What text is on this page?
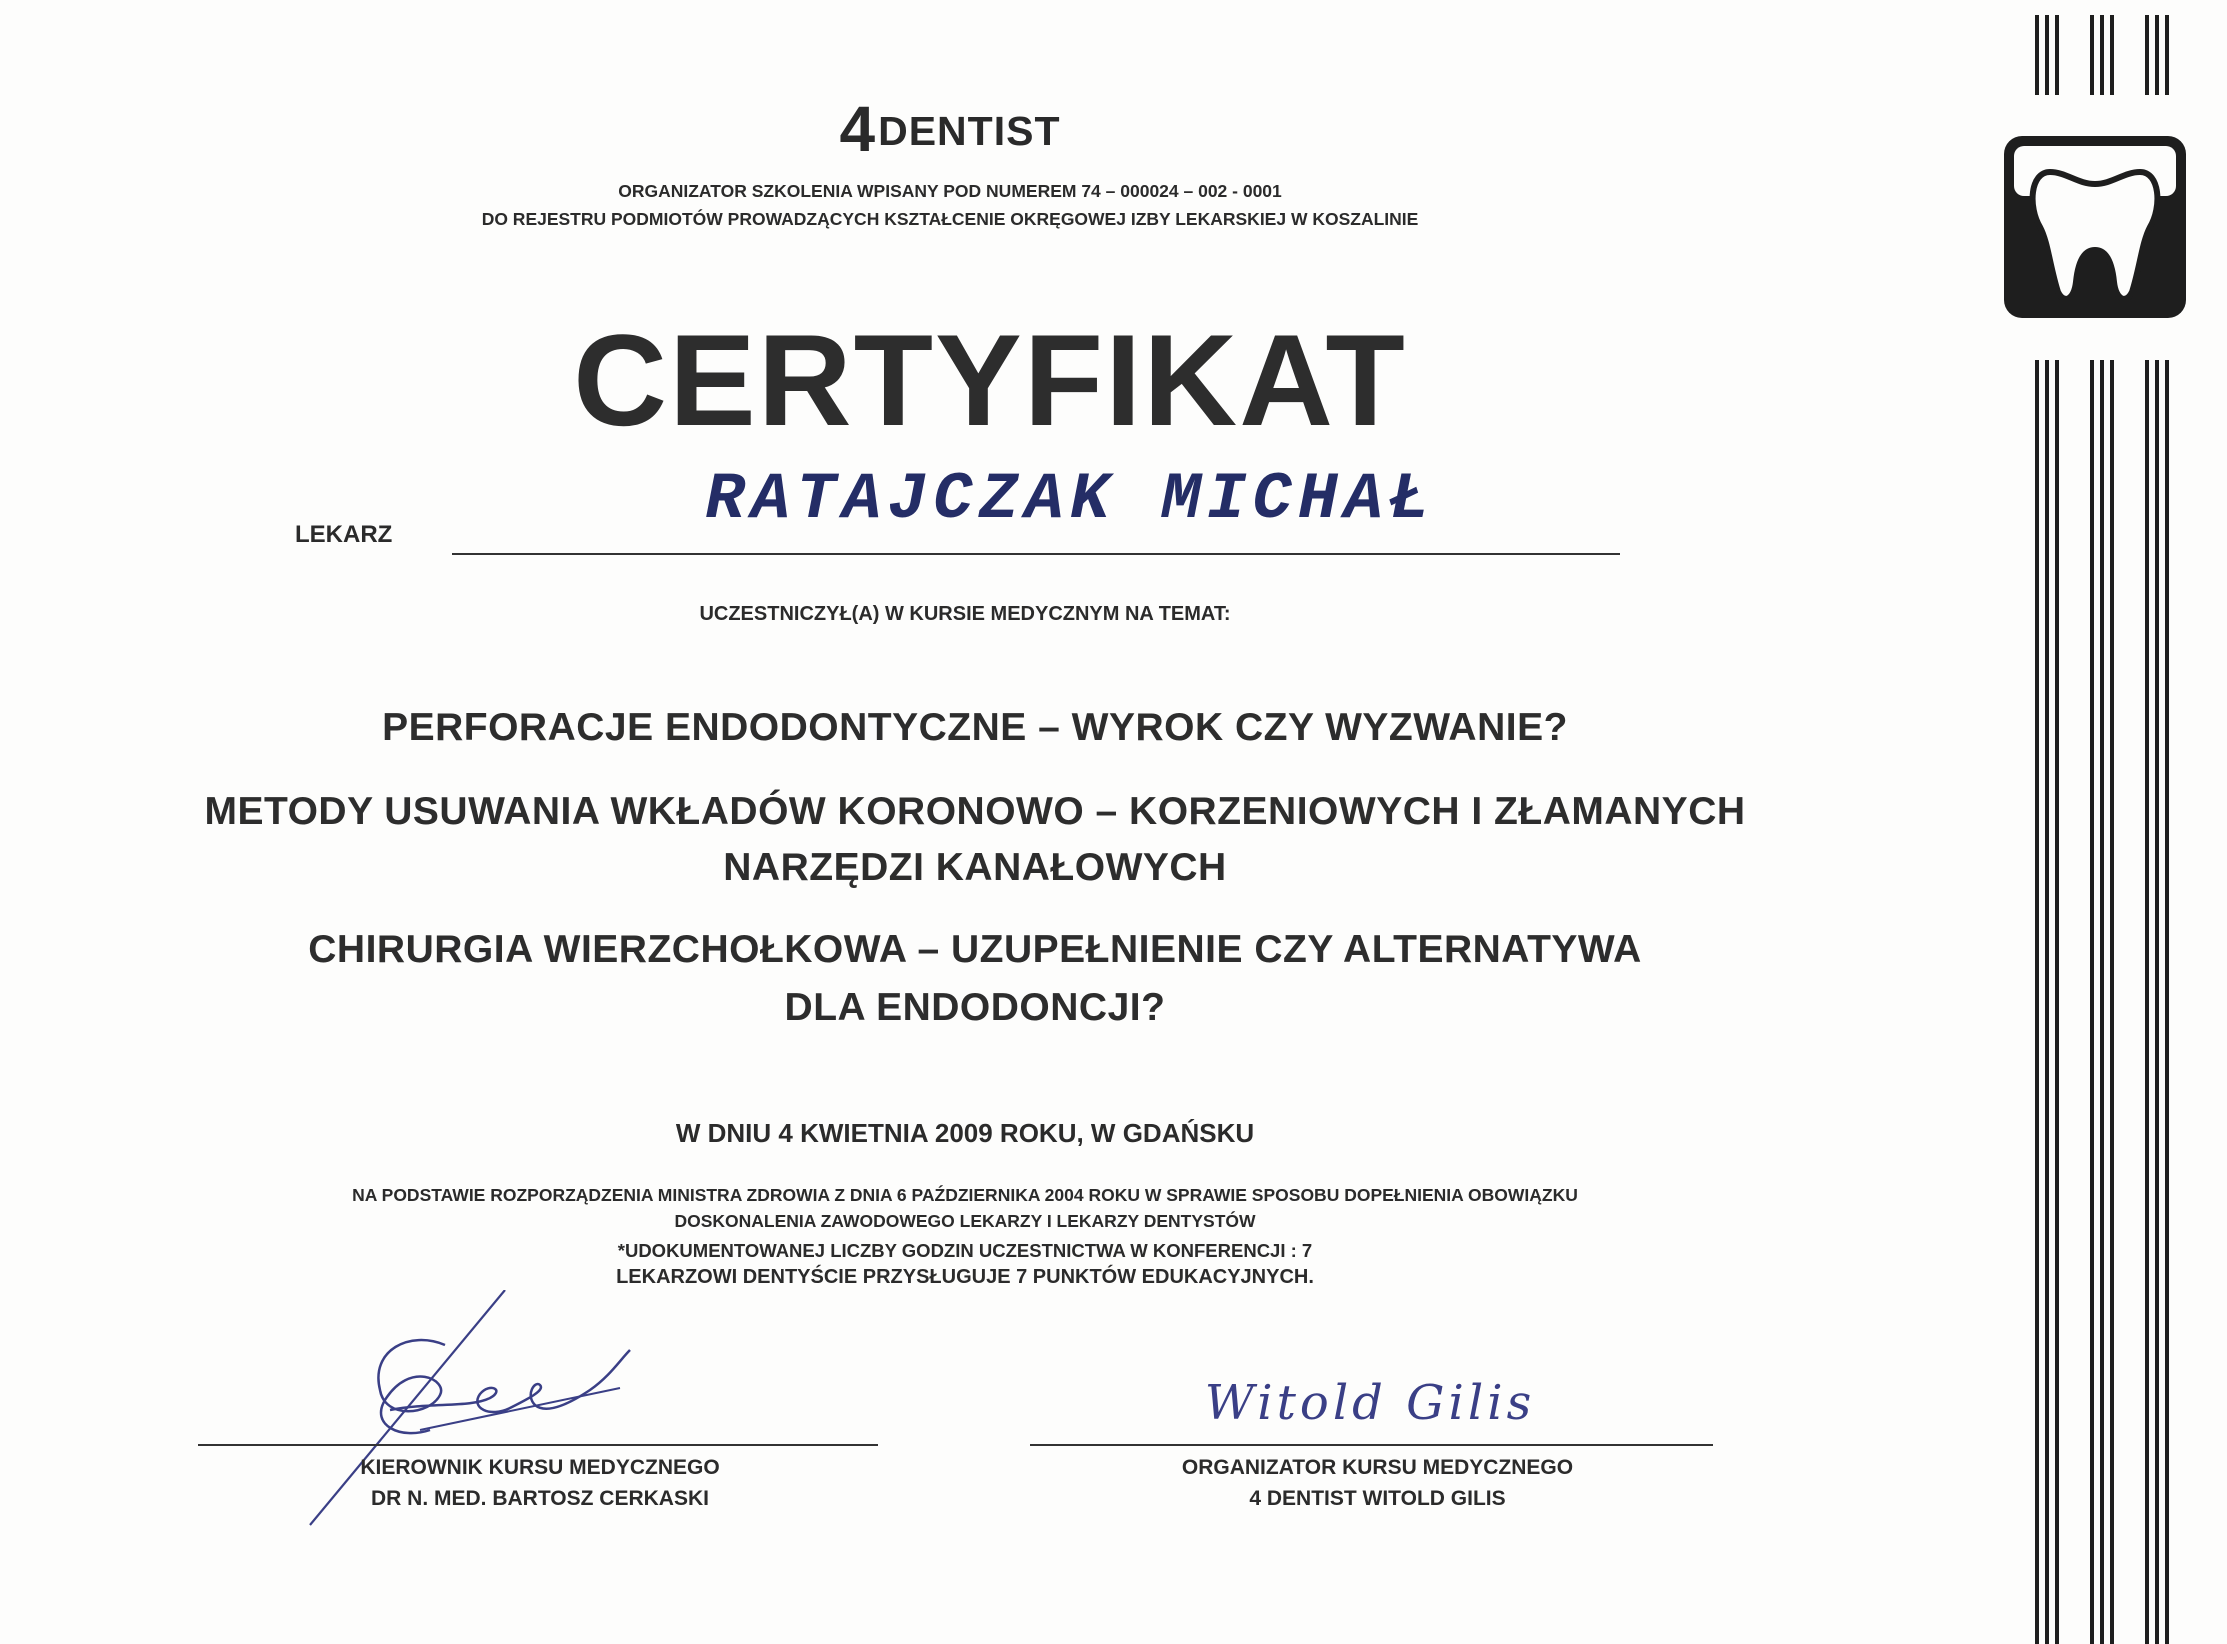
4DENTIST
ORGANIZATOR SZKOLENIA WPISANY POD NUMEREM 74 – 000024 – 002 - 0001
DO REJESTRU PODMIOTÓW PROWADZĄCYCH KSZTAŁCENIE OKRĘGOWEJ IZBY LEKARSKIEJ W KOSZALINIE
CERTYFIKAT
LEKARZ	RATAJCZAK MICHAŁ
UCZESTNICZYŁ(A) W KURSIE MEDYCZNYM NA TEMAT:
PERFORACJE ENDODONTYCZNE – WYROK CZY WYZWANIE?
METODY USUWANIA WKŁADÓW KORONOWO – KORZENIOWYCH I ZŁAMANYCH
NARZĘDZI KANAŁOWYCH
CHIRURGIA WIERZCHOŁKOWA – UZUPEŁNIENIE CZY ALTERNATYWA
DLA ENDODONCJI?
W DNIU 4 KWIETNIA 2009 ROKU, W GDAŃSKU
NA PODSTAWIE ROZPORZĄDZENIA MINISTRA ZDROWIA Z DNIA 6 PAŹDZIERNIKA 2004 ROKU W SPRAWIE SPOSOBU DOPEŁNIENIA OBOWIĄZKU
DOSKONALENIA ZAWODOWEGO LEKARZY I LEKARZY DENTYSTÓW
*UDOKUMENTOWANEJ LICZBY GODZIN UCZESTNICTWA W KONFERENCJI : 7
LEKARZOWI DENTYŚCIE PRZYSŁUGUJE 7 PUNKTÓW EDUKACYJNYCH.
Witold Gilis
KIEROWNIK KURSU MEDYCZNEGO
DR N. MED. BARTOSZ CERKASKI
ORGANIZATOR KURSU MEDYCZNEGO
4 DENTIST WITOLD GILIS
